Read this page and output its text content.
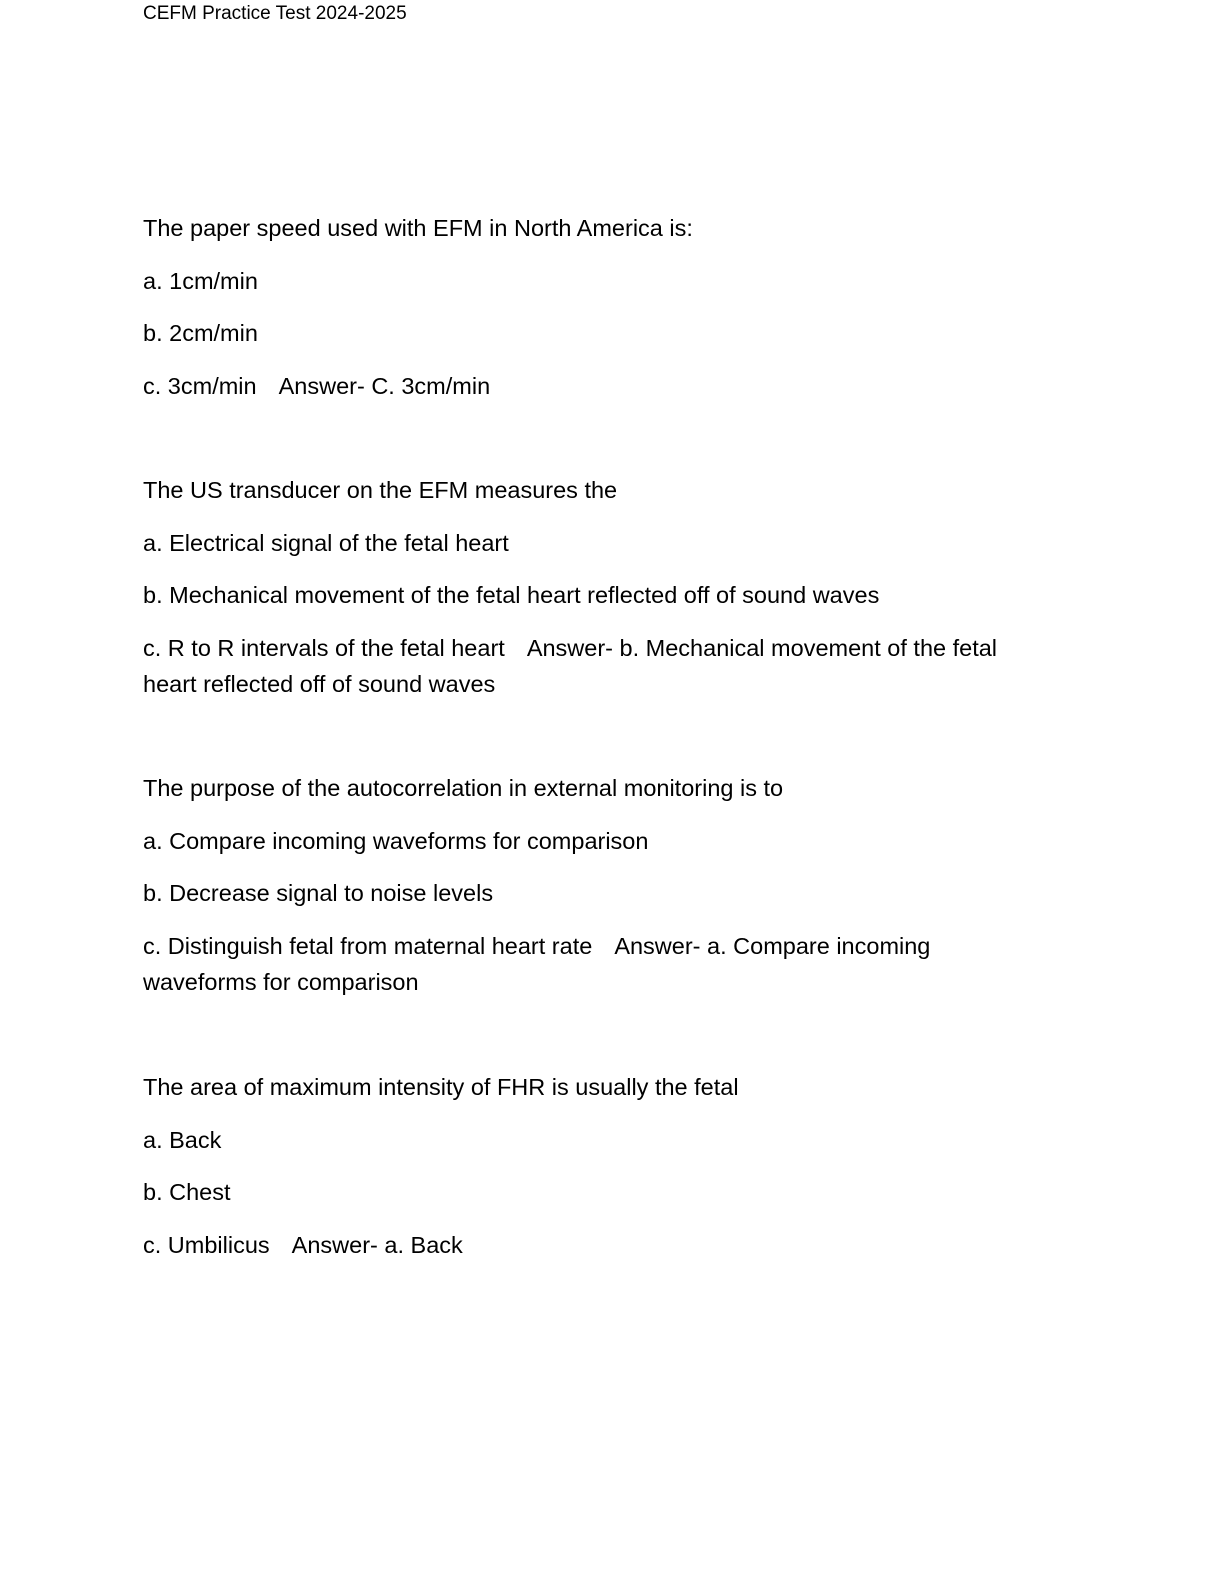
CEFM Practice Test 2024-2025
The paper speed used with EFM in North America is:
a. 1cm/min
b. 2cm/min
c. 3cm/min Answer- C. 3cm/min
The US transducer on the EFM measures the
a. Electrical signal of the fetal heart
b. Mechanical movement of the fetal heart reflected off of sound waves
c. R to R intervals of the fetal heart Answer- b. Mechanical movement of the fetal heart reflected off of sound waves
The purpose of the autocorrelation in external monitoring is to
a. Compare incoming waveforms for comparison
b. Decrease signal to noise levels
c. Distinguish fetal from maternal heart rate Answer- a. Compare incoming waveforms for comparison
The area of maximum intensity of FHR is usually the fetal
a. Back
b. Chest
c. Umbilicus Answer- a. Back
